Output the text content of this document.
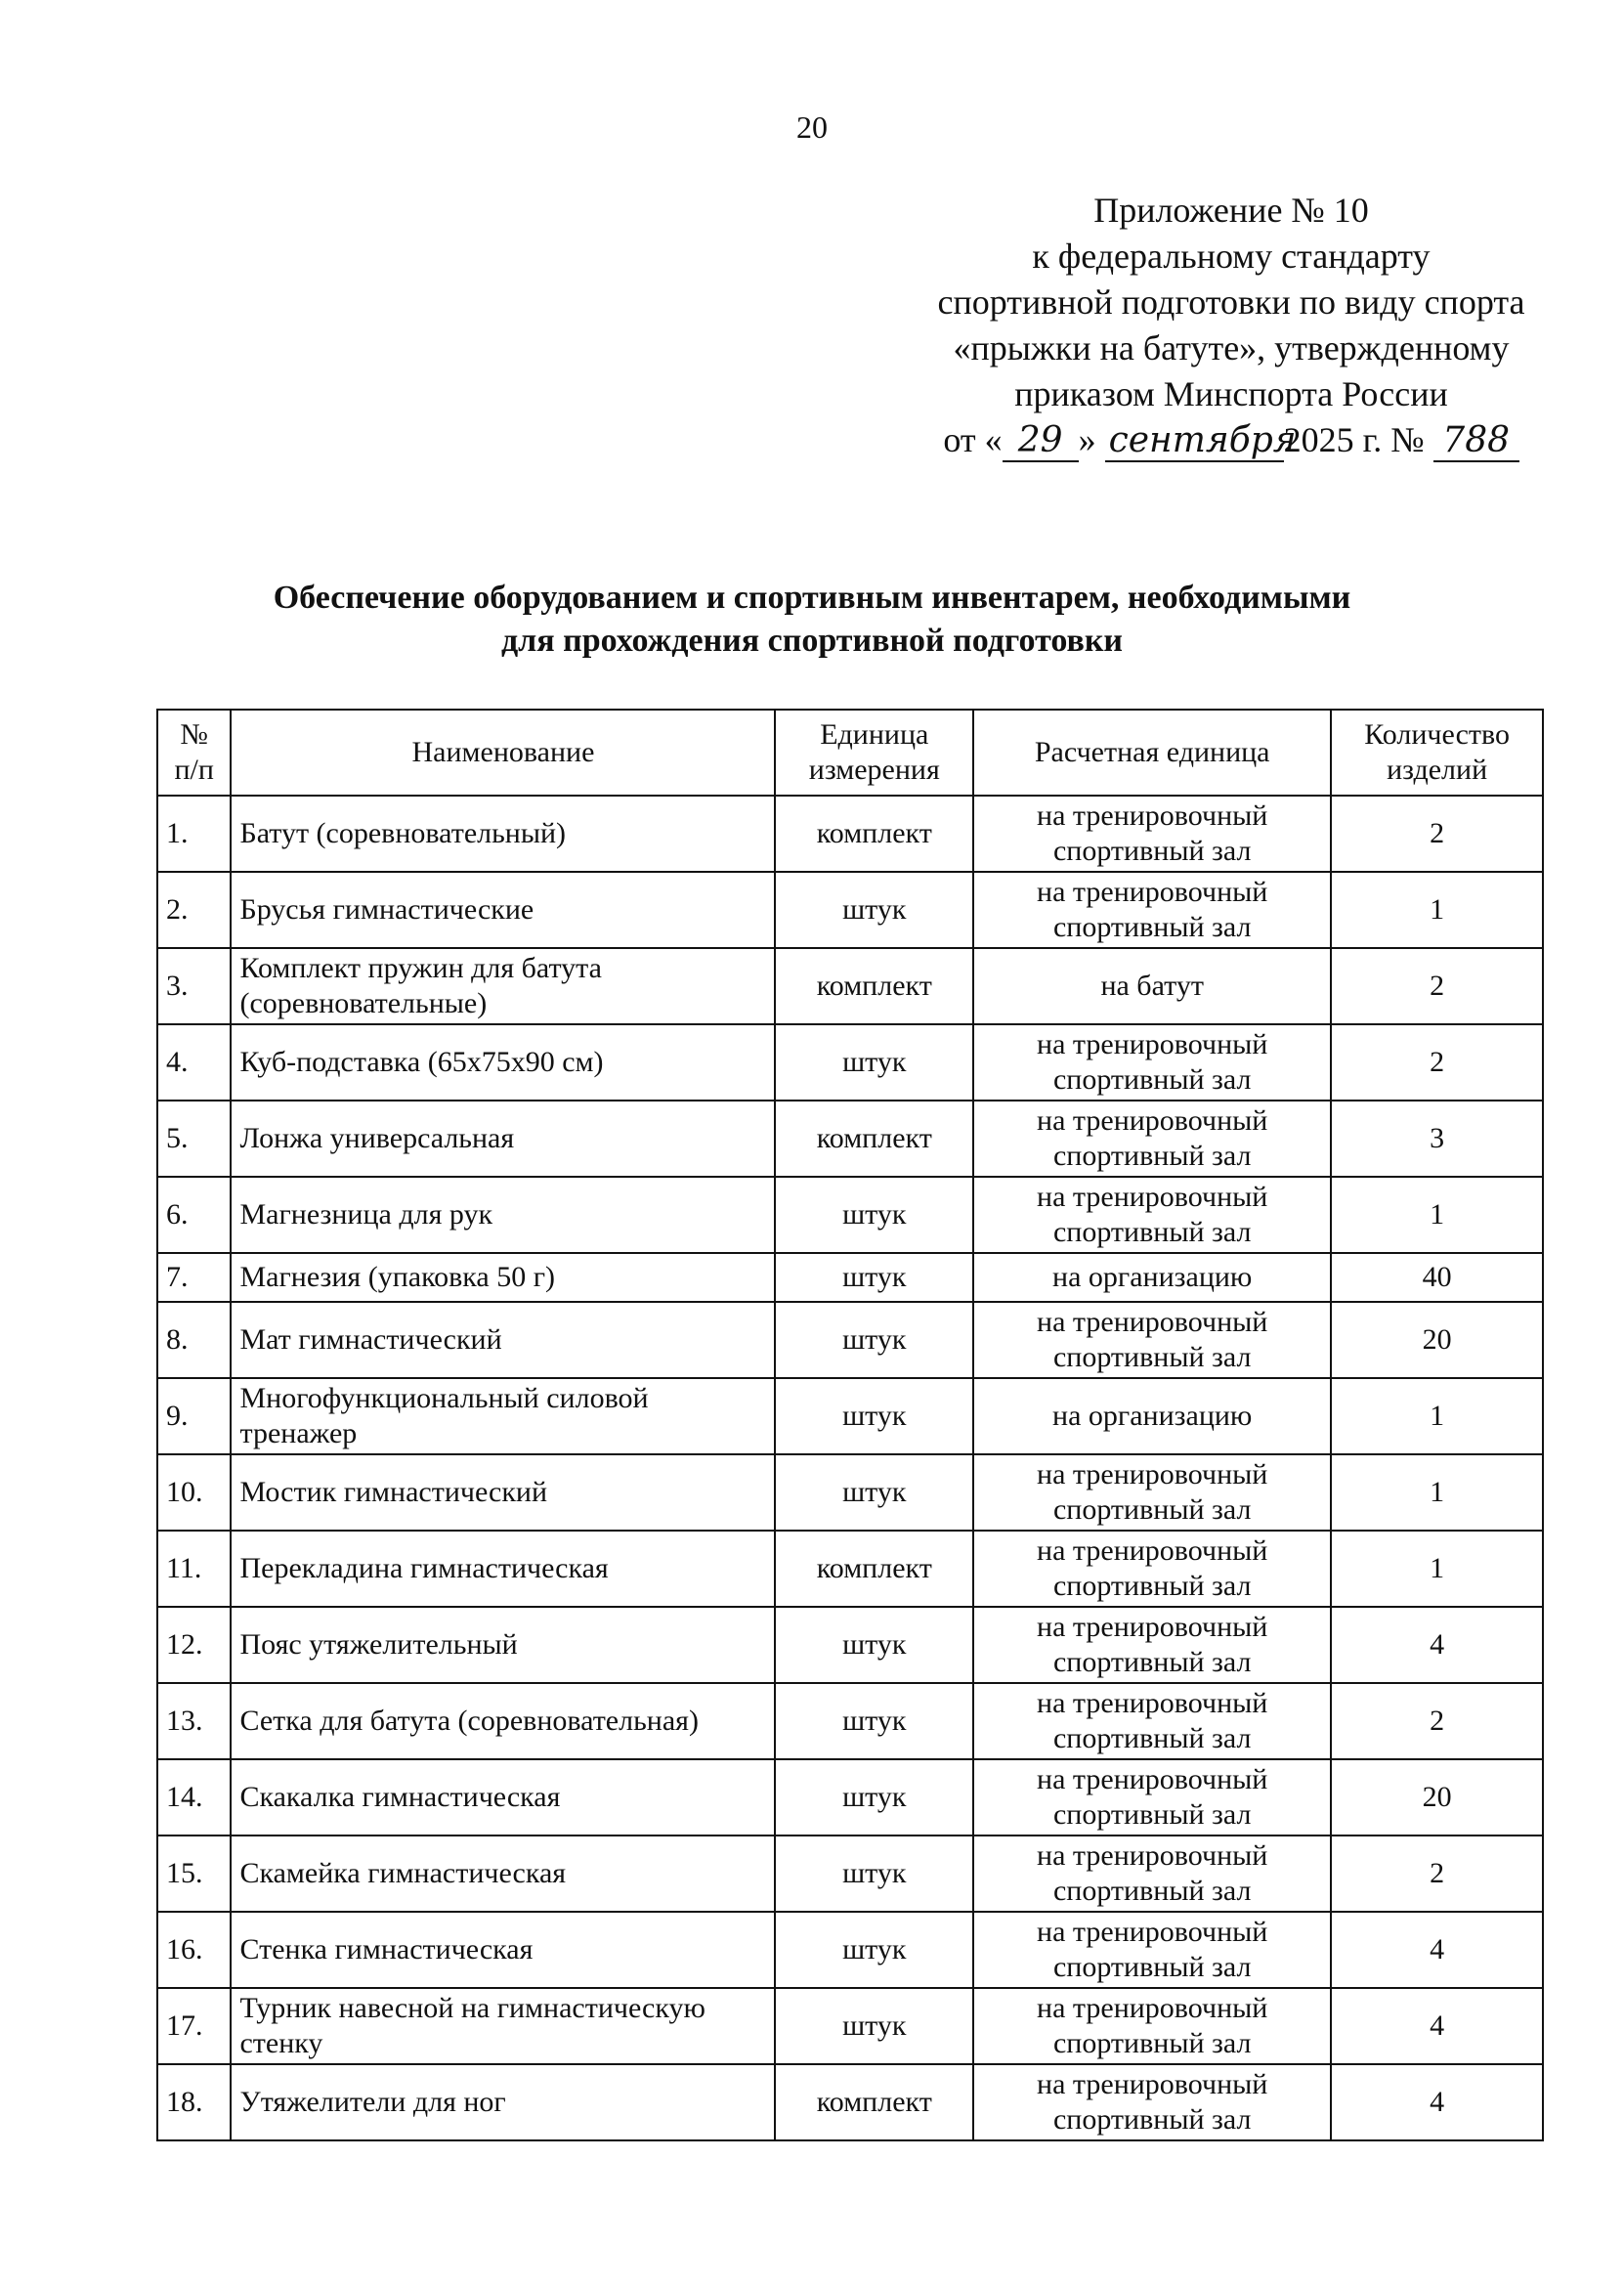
20
Приложение № 10
к федеральному стандарту
спортивной подготовки по виду спорта
«прыжки на батуте», утвержденному
приказом Минспорта России
от « 29 » сентября2025 г. № 788
Обеспечение оборудованием и спортивным инвентарем, необходимыми
для прохождения спортивной подготовки
№ п/п	Наименование	Единица измерения	Расчетная единица	Количество изделий
1.	Батут (соревновательный)	комплект	на тренировочный спортивный зал	2
2.	Брусья гимнастические	штук	на тренировочный спортивный зал	1
3.	Комплект пружин для батута (соревновательные)	комплект	на батут	2
4.	Куб-подставка (65х75х90 см)	штук	на тренировочный спортивный зал	2
5.	Лонжа универсальная	комплект	на тренировочный спортивный зал	3
6.	Магнезница для рук	штук	на тренировочный спортивный зал	1
7.	Магнезия (упаковка 50 г)	штук	на организацию	40
8.	Мат гимнастический	штук	на тренировочный спортивный зал	20
9.	Многофункциональный силовой тренажер	штук	на организацию	1
10.	Мостик гимнастический	штук	на тренировочный спортивный зал	1
11.	Перекладина гимнастическая	комплект	на тренировочный спортивный зал	1
12.	Пояс утяжелительный	штук	на тренировочный спортивный зал	4
13.	Сетка для батута (соревновательная)	штук	на тренировочный спортивный зал	2
14.	Скакалка гимнастическая	штук	на тренировочный спортивный зал	20
15.	Скамейка гимнастическая	штук	на тренировочный спортивный зал	2
16.	Стенка гимнастическая	штук	на тренировочный спортивный зал	4
17.	Турник навесной на гимнастическую стенку	штук	на тренировочный спортивный зал	4
18.	Утяжелители для ног	комплект	на тренировочный спортивный зал	4
